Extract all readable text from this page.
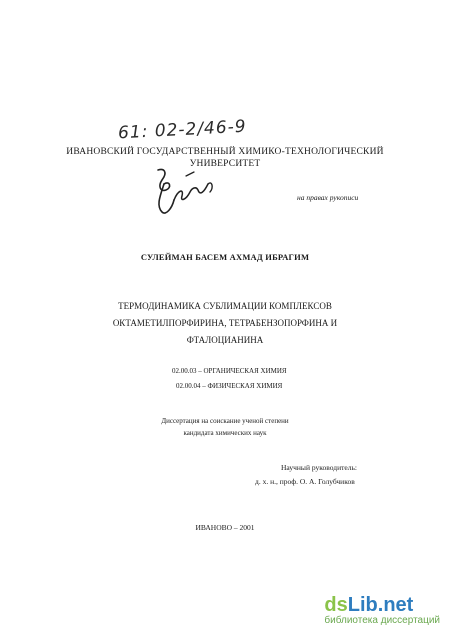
61: 02-2/46-9
ИВАНОВСКИЙ ГОСУДАРСТВЕННЫЙ ХИМИКО-ТЕХНОЛОГИЧЕСКИЙ
УНИВЕРСИТЕТ
на правах рукописи
СУЛЕЙМАН БАСЕМ АХМАД ИБРАГИМ
ТЕРМОДИНАМИКА СУБЛИМАЦИИ КОМПЛЕКСОВ
ОКТАМЕТИЛПОРФИРИНА, ТЕТРАБЕНЗОПОРФИНА И
ФТАЛОЦИАНИНА
02.00.03 – ОРГАНИЧЕСКАЯ ХИМИЯ
02.00.04 – ФИЗИЧЕСКАЯ ХИМИЯ
Диссертация на соискание ученой степени
кандидата химических наук
Научный руководитель:
д. х. н., проф. О. А. Голубчиков
ИВАНОВО – 2001
ds Lib .net
библиотека диссертаций
